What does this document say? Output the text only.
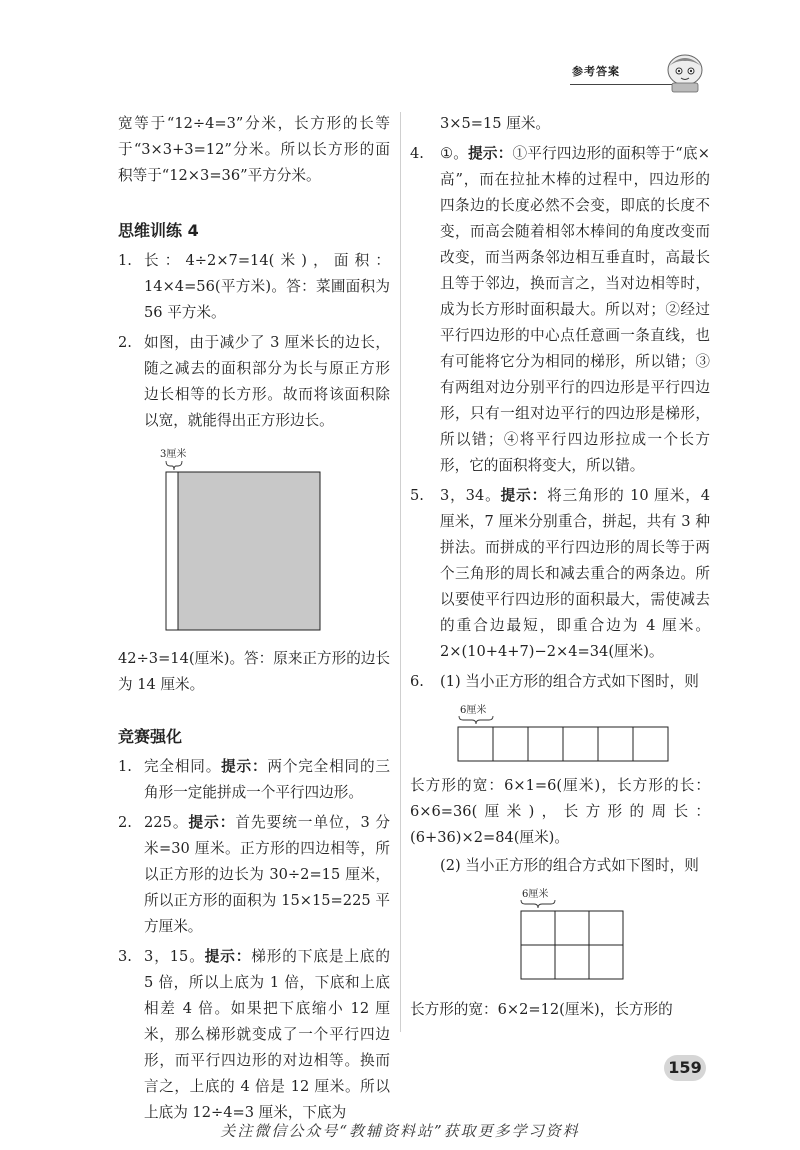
参考答案

宽等于“12÷4=3”分米，长方形的长等于“3×3+3=12”分米。所以长方形的面积等于“12×3=36”平方分米。

思维训练 4
1. 长：4÷2×7=14(米)，面积：14×4=56(平方米)。答：菜圃面积为 56 平方米。
2. 如图，由于减少了 3 厘米长的边长，随之减去的面积部分为长与原正方形边长相等的长方形。故而将该面积除以宽，就能得出正方形边长。
3厘米

42÷3=14(厘米)。答：原来正方形的边长为 14 厘米。

竞赛强化
1. 完全相同。提示：两个完全相同的三角形一定能拼成一个平行四边形。
2. 225。提示：首先要统一单位，3 分米=30 厘米。正方形的四边相等，所以正方形的边长为 30÷2=15 厘米，所以正方形的面积为 15×15=225 平方厘米。
3. 3，15。提示：梯形的下底是上底的 5 倍，所以上底为 1 倍，下底和上底相差 4 倍。如果把下底缩小 12 厘米，那么梯形就变成了一个平行四边形，而平行四边形的对边相等。换而言之，上底的 4 倍是 12 厘米。所以上底为 12÷4=3 厘米，下底为

3×5=15 厘米。

4. ①。提示：①平行四边形的面积等于“底×高”，而在拉扯木棒的过程中，四边形的四条边的长度必然不会变，即底的长度不变，而高会随着相邻木棒间的角度改变而改变，而当两条邻边相互垂直时，高最长且等于邻边，换而言之，当对边相等时，成为长方形时面积最大。所以对；②经过平行四边形的中心点任意画一条直线，也有可能将它分为相同的梯形，所以错；③有两组对边分别平行的四边形是平行四边形，只有一组对边平行的四边形是梯形，所以错；④将平行四边形拉成一个长方形，它的面积将变大，所以错。
5. 3，34。提示：将三角形的 10 厘米，4 厘米，7 厘米分别重合，拼起，共有 3 种拼法。而拼成的平行四边形的周长等于两个三角形的周长和减去重合的两条边。所以要使平行四边形的面积最大，需使减去的重合边最短，即重合边为 4 厘米。2×(10+4+7)−2×4=34(厘米)。
6. (1) 当小正方形的组合方式如下图时，则
6厘米

长方形的宽：6×1=6(厘米)，长方形的长：6×6=36(厘米)，长方形的周长：(6+36)×2=84(厘米)。

(2) 当小正方形的组合方式如下图时，则

6厘米

长方形的宽：6×2=12(厘米)，长方形的

159
关注微信公众号“教辅资料站”获取更多学习资料
